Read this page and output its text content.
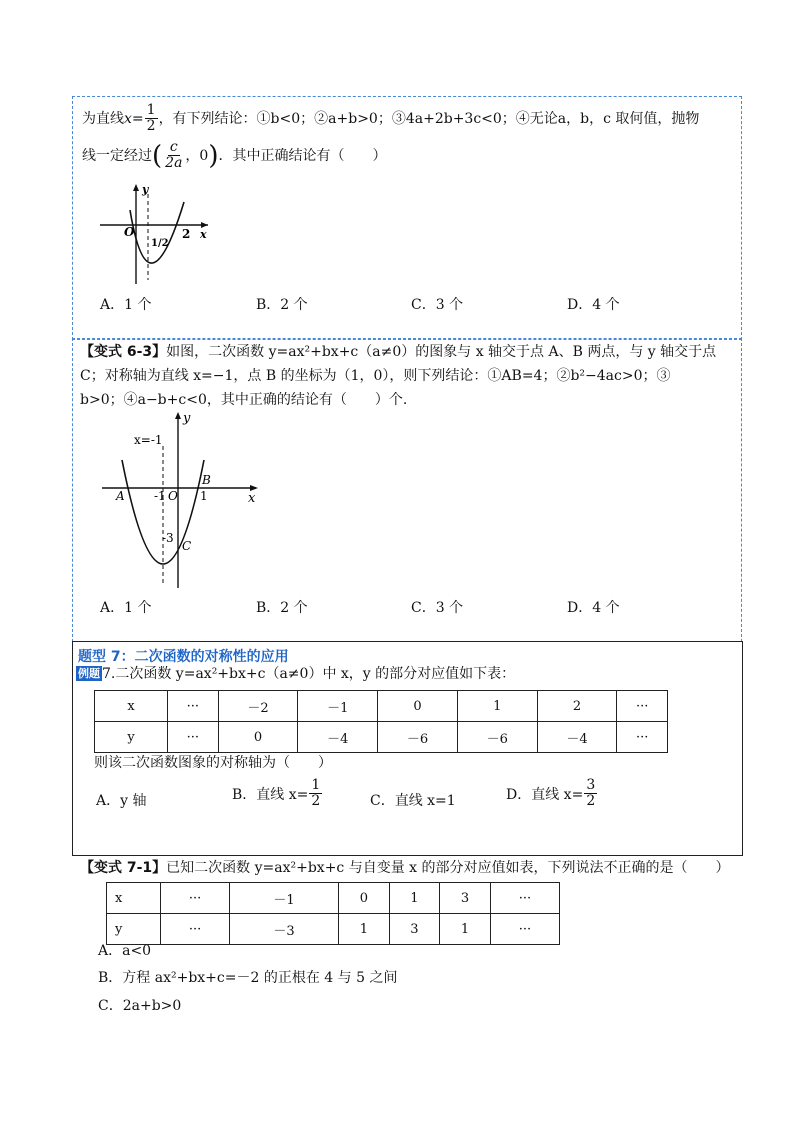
为直线$x= \frac{1}{2}$ ，有下列结论：①b<0；②a+b>0；③4a+2b+3c<0；④无论a，b，c 取何值，抛物
线一定经过( $\frac{c}{2a}$ ，0)．其中正确结论有（　　）
y
x
O
1/2
2
A．1 个	B．2 个	C．3 个	D．4 个
【变式 6-3】如图，二次函数 y=ax²+bx+c（a≠0）的图象与 x 轴交于点 A、B 两点，与 y 轴交于点
C；对称轴为直线 x=−1，点 B 的坐标为（1，0），则下列结论：①AB=4；②b²−4ac>0；③
b>0；④a−b+c<0，其中正确的结论有（　　）个.
y
x
x=-1
A
B
-1 O 1
-3
C
A．1 个	B．2 个	C．3 个	D．4 个
题型 7：二次函数的对称性的应用
例题 7.二次函数 y=ax²+bx+c（a≠0）中 x，y 的部分对应值如下表：
x	···	－2	－1	0	1	2	···
y	···	0	－4	－6	－6	－4	···
则该二次函数图象的对称轴为（　　）
A．y 轴	B．直线 $x= \frac{1}{2}$	C．直线 x=1	D．直线 $x= \frac{3}{2}$
【变式 7-1】已知二次函数 y=ax²+bx+c 与自变量 x 的部分对应值如表，下列说法不正确的是（　　）
x	···	－1	0	1	3	···
y	···	－3	1	3	1	···
A．a<0
B．方程 ax²+bx+c=－2 的正根在 4 与 5 之间
C．2a+b>0
